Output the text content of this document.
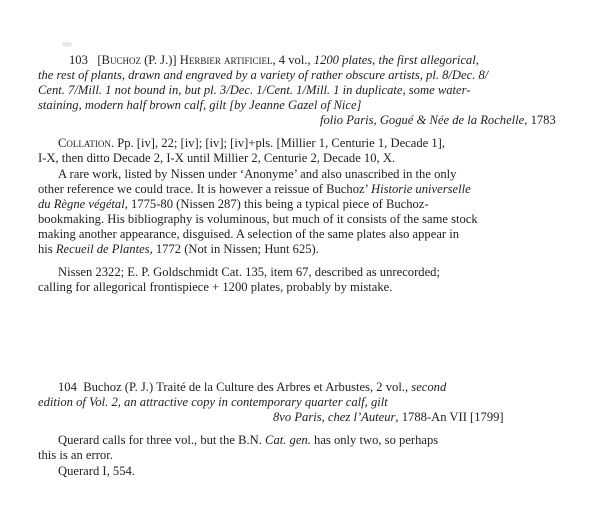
103 [Buchoz (P. J.)] Herbier artificiel, 4 vol., 1200 plates, the first allegorical,
the rest of plants, drawn and engraved by a variety of rather obscure artists, pl. 8/Dec. 8/
Cent. 7/Mill. 1 not bound in, but pl. 3/Dec. 1/Cent. 1/Mill. 1 in duplicate, some water-
staining, modern half brown calf, gilt [by Jeanne Gazel of Nice]
folio Paris, Gogué & Née de la Rochelle, 1783
Collation. Pp. [iv], 22; [iv]; [iv]; [iv]+pls. [Millier 1, Centurie 1, Decade 1],
I-X, then ditto Decade 2, I-X until Millier 2, Centurie 2, Decade 10, X.
A rare work, listed by Nissen under ‘Anonyme’ and also unascribed in the only
other reference we could trace. It is however a reissue of Buchoz’ Historie universelle
du Règne végétal, 1775-80 (Nissen 287) this being a typical piece of Buchoz-
bookmaking. His bibliography is voluminous, but much of it consists of the same stock
making another appearance, disguised. A selection of the same plates also appear in
his Recueil de Plantes, 1772 (Not in Nissen; Hunt 625).
Nissen 2322; E. P. Goldschmidt Cat. 135, item 67, described as unrecorded;
calling for allegorical frontispiece + 1200 plates, probably by mistake.
104 Buchoz (P. J.) Traité de la Culture des Arbres et Arbustes, 2 vol., second
edition of Vol. 2, an attractive copy in contemporary quarter calf, gilt
8vo Paris, chez l’Auteur, 1788-An VII [1799]
Querard calls for three vol., but the B.N. Cat. gen. has only two, so perhaps
this is an error.
Querard I, 554.
